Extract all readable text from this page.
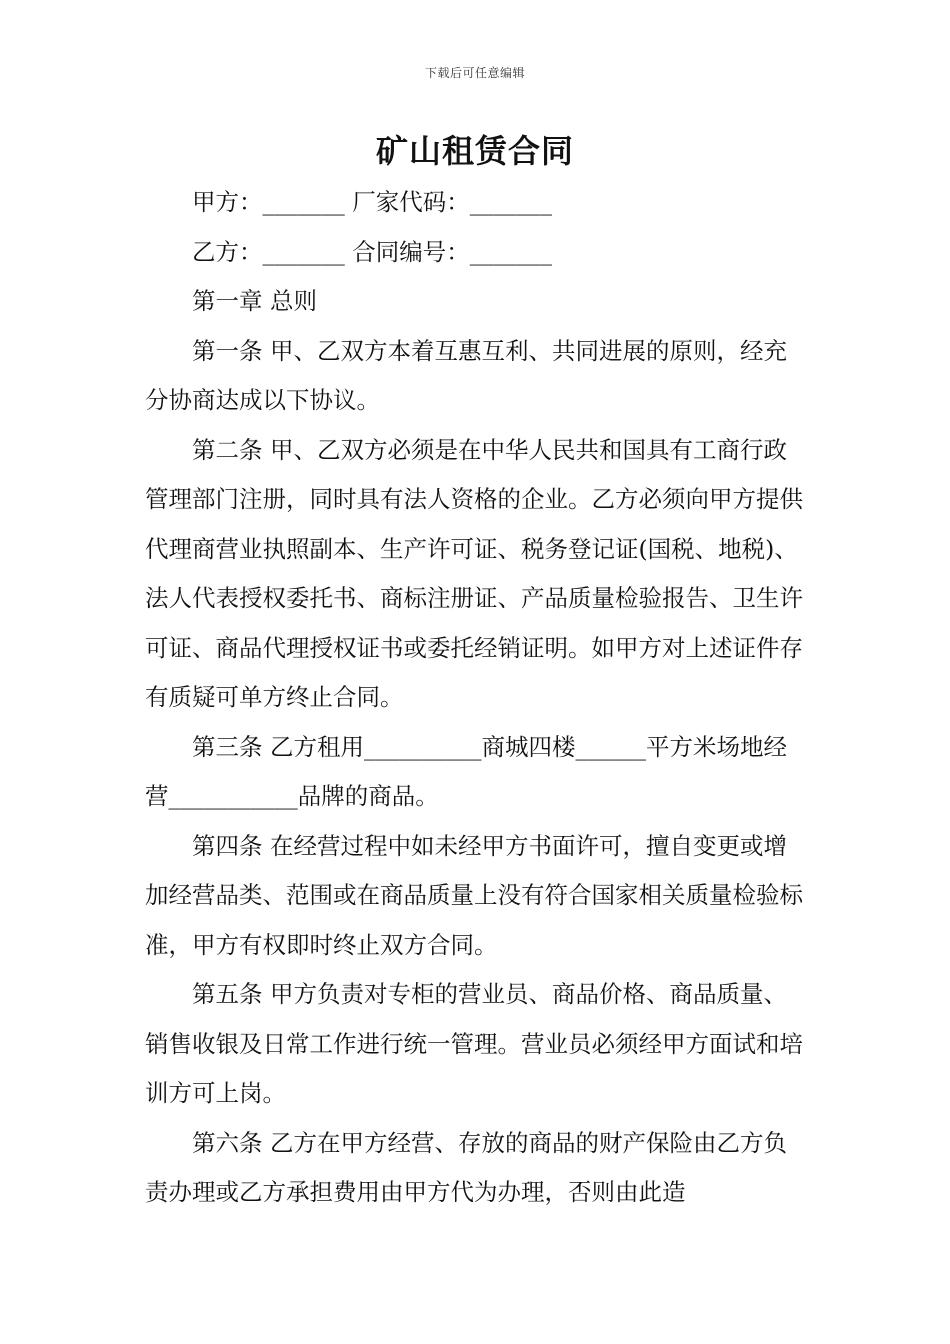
下载后可任意编辑
矿山租赁合同

甲方：_______ 厂家代码：_______

乙方：_______ 合同编号：_______

第一章 总则

第一条 甲、乙双方本着互惠互利、共同进展的原则，经充分协商达成以下协议。

第二条 甲、乙双方必须是在中华人民共和国具有工商行政管理部门注册，同时具有法人资格的企业。乙方必须向甲方提供代理商营业执照副本、生产许可证、税务登记证(国税、地税)、法人代表授权委托书、商标注册证、产品质量检验报告、卫生许可证、商品代理授权证书或委托经销证明。如甲方对上述证件存有质疑可单方终止合同。

第三条 乙方租用__________商城四楼______平方米场地经营___________品牌的商品。

第四条 在经营过程中如未经甲方书面许可，擅自变更或增加经营品类、范围或在商品质量上没有符合国家相关质量检验标准，甲方有权即时终止双方合同。

第五条 甲方负责对专柜的营业员、商品价格、商品质量、销售收银及日常工作进行统一管理。营业员必须经甲方面试和培训方可上岗。

第六条 乙方在甲方经营、存放的商品的财产保险由乙方负责办理或乙方承担费用由甲方代为办理，否则由此造
